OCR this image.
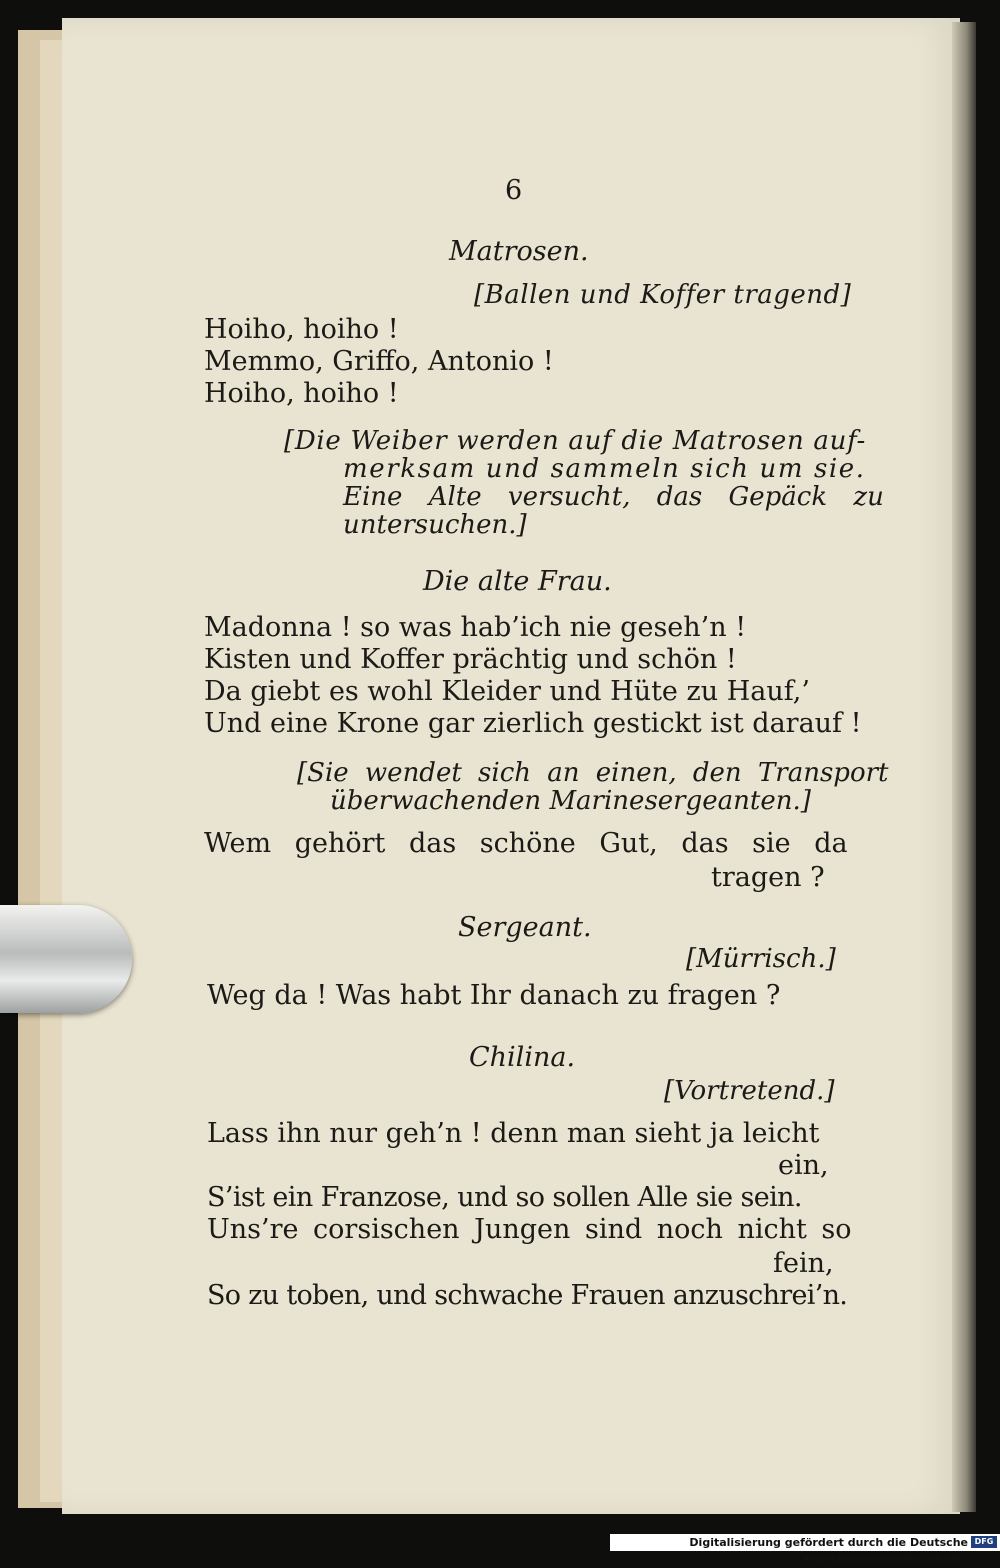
6

Matrosen.

[Ballen und Koffer tragend]

Hoiho, hoiho !

Memmo, Griffo, Antonio !

Hoiho, hoiho !

[Die Weiber werden auf die Matrosen auf-

merksam und sammeln sich um sie.

Eine Alte versucht, das Gepäck zu

untersuchen.]

Die alte Frau.

Madonna ! so was hab’ich nie geseh’n !

Kisten und Koffer prächtig und schön !

Da giebt es wohl Kleider und Hüte zu Hauf,’

Und eine Krone gar zierlich gestickt ist darauf !

[Sie wendet sich an einen, den Transport

überwachenden Marinesergeanten.]

Wem gehört das schöne Gut, das sie da

tragen ?

Sergeant.

[Mürrisch.]

Weg da ! Was habt Ihr danach zu fragen ?

Chilina.

[Vortretend.]

Lass ihn nur geh’n ! denn man sieht ja leicht

ein,

S’ist ein Franzose, und so sollen Alle sie sein.

Uns’re corsischen Jungen sind noch nicht so

fein,

So zu toben, und schwache Frauen anzuschrei’n.

Digitalisierung gefördert durch die Deutsche Forschungsgemeinschaft -
DFG
